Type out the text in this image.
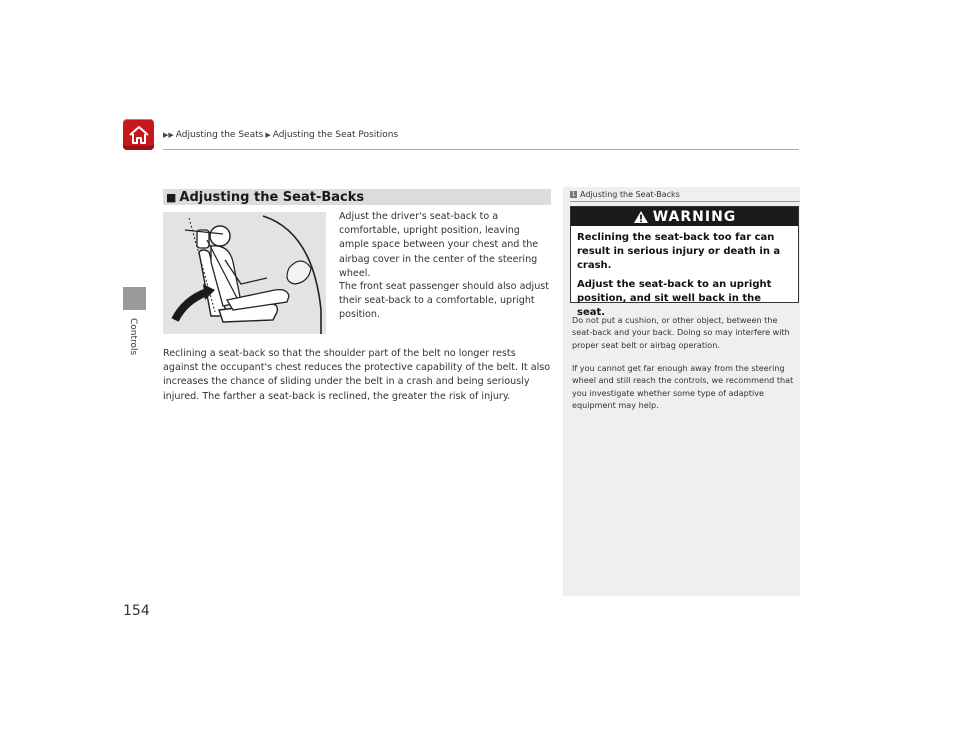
▶▶ Adjusting the Seats ▶ Adjusting the Seat Positions
Controls
154
■ Adjusting the Seat-Backs

Adjust the driver's seat-back to a comfortable, upright position, leaving ample space between your chest and the airbag cover in the center of the steering wheel.

The front seat passenger should also adjust their seat-back to a comfortable, upright position.

Reclining a seat-back so that the shoulder part of the belt no longer rests against the occupant's chest reduces the protective capability of the belt. It also increases the chance of sliding under the belt in a crash and being seriously injured. The farther a seat-back is reclined, the greater the risk of injury.

1 Adjusting the Seat-Backs
WARNING

Reclining the seat-back too far can result in serious injury or death in a crash.

Adjust the seat-back to an upright position, and sit well back in the seat.

Do not put a cushion, or other object, between the seat-back and your back. Doing so may interfere with proper seat belt or airbag operation.

If you cannot get far enough away from the steering wheel and still reach the controls, we recommend that you investigate whether some type of adaptive equipment may help.
